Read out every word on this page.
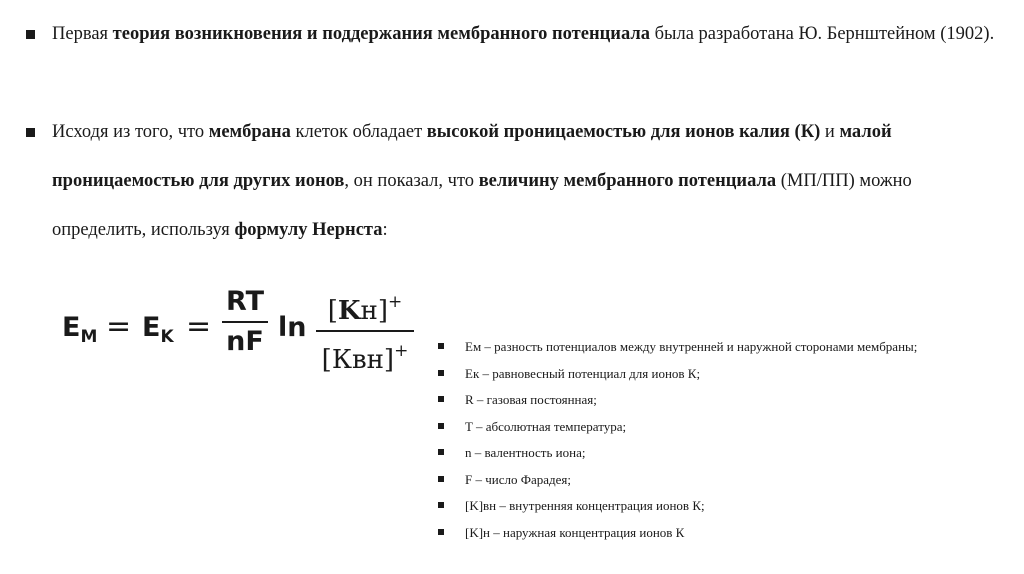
Первая теория возникновения и поддержания мембранного потенциала была разработана Ю. Бернштейном (1902).

Исходя из того, что мембрана клеток обладает высокой проницаемостью для ионов калия (К) и малой проницаемостью для других ионов, он показал, что величину мембранного потенциала (МП/ПП) можно определить, используя формулу Нернста:

$E_M = E_K$ =
RT
nF ln
[Kн]+
[Квн]+	Eм – разность потенциалов между внутренней и наружной сторонами мембраны;
Eк – равновесный потенциал для ионов К;
R – газовая постоянная;
T – абсолютная температура;
n – валентность иона;
F – число Фарадея;
[K]вн – внутренняя концентрация ионов К;
[K]н – наружная концентрация ионов К
